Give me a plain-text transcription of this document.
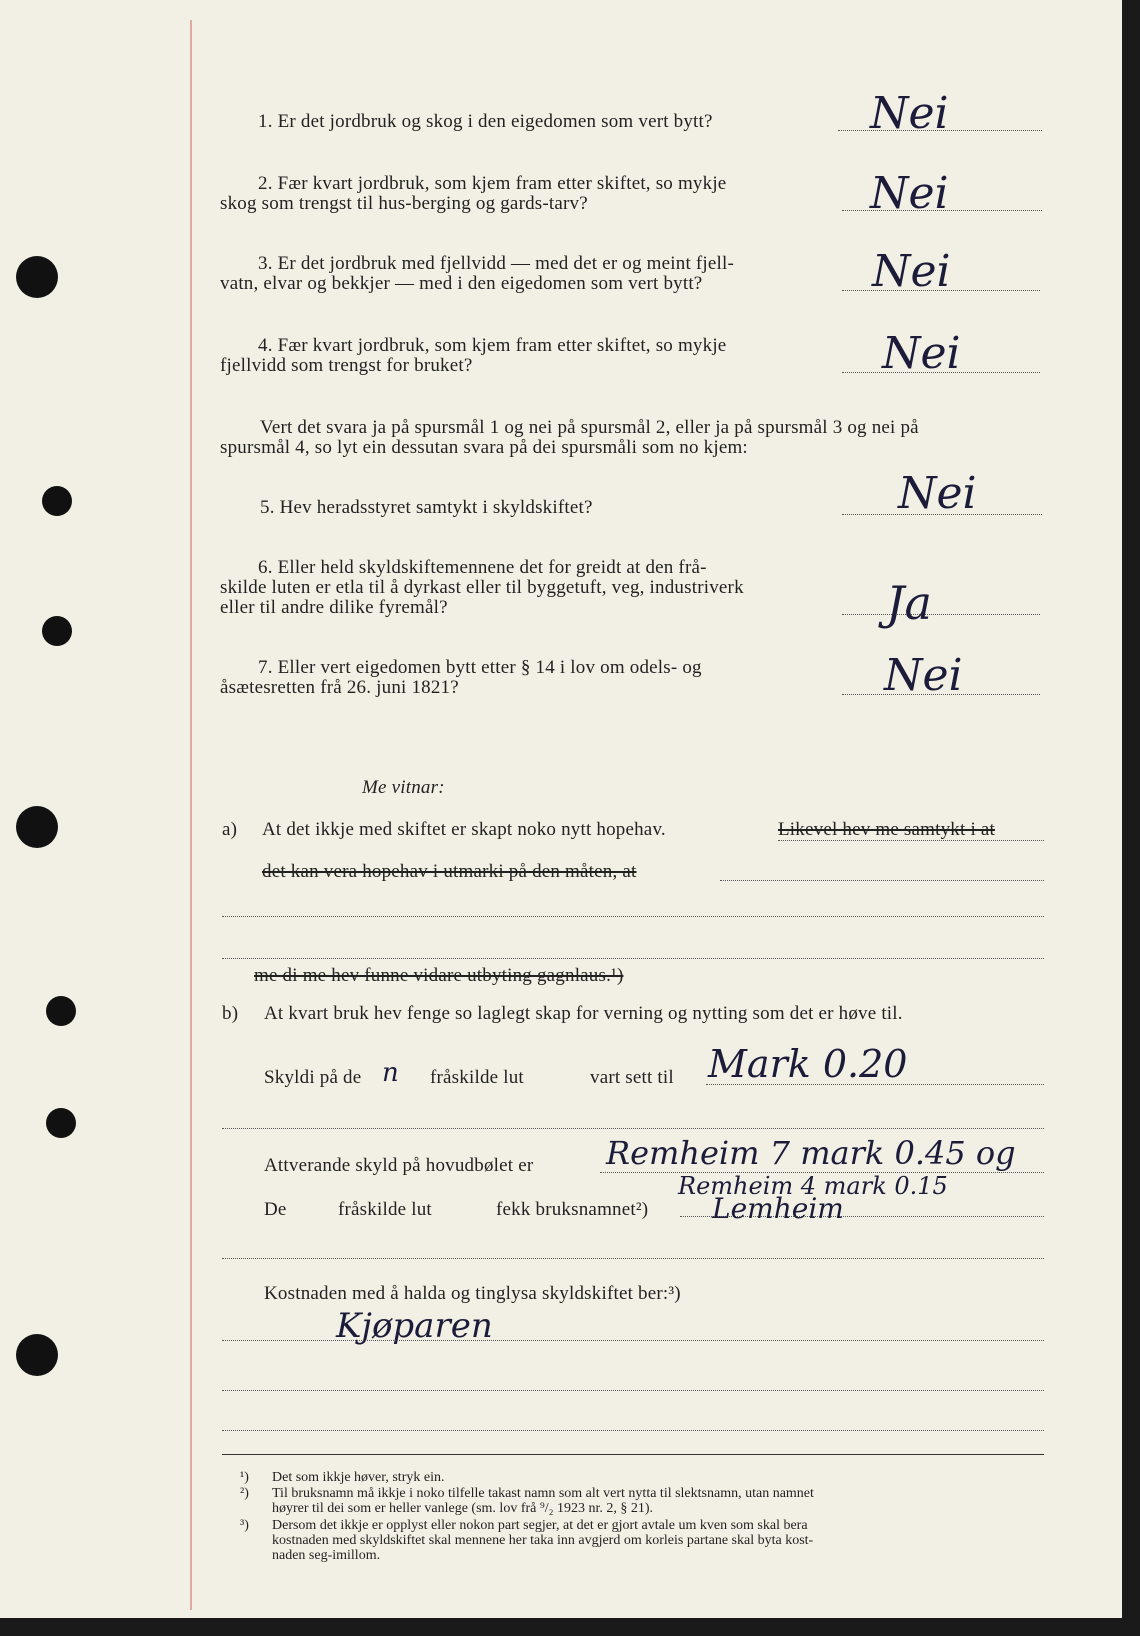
1. Er det jordbruk og skog i den eigedomen som vert bytt?	Nei
2. Fær kvart jordbruk, som kjem fram etter skiftet, so mykje
skog som trengst til hus-berging og gards-tarv?	Nei
3. Er det jordbruk med fjellvidd — med det er og meint fjell-
vatn, elvar og bekkjer — med i den eigedomen som vert bytt?	Nei
4. Fær kvart jordbruk, som kjem fram etter skiftet, so mykje
fjellvidd som trengst for bruket?	Nei
Vert det svara ja på spursmål 1 og nei på spursmål 2, eller ja på spursmål 3 og nei på
spursmål 4, so lyt ein dessutan svara på dei spursmåli som no kjem:
5. Hev heradsstyret samtykt i skyldskiftet?	Nei
6. Eller held skyldskiftemennene det for greidt at den frå-
skilde luten er etla til å dyrkast eller til byggetuft, veg, industriverk
eller til andre dilike fyremål?	Ja
7. Eller vert eigedomen bytt etter § 14 i lov om odels- og
åsætesretten frå 26. juni 1821?	Nei
Me vitnar:
a) At det ikkje med skiftet er skapt noko nytt hopehav.	Likevel hev me samtykt i at
det kan vera hopehav i utmarki på den måten, at
me di me hev funne vidare utbyting gagnlaus.¹)
b) At kvart bruk hev fenge so laglegt skap for verning og nytting som det er høve til.
Skyldi på de n fråskilde lut	vart sett til Mark 0.20
Attverande skyld på hovudbølet er Remheim 7 mark 0.45 og
Remheim 4 mark 0.15
De	fråskilde lut	fekk bruksnamnet²) Lemheim
Kostnaden med å halda og tinglysa skyldskiftet ber:³)
Kjøparen
¹) Det som ikkje høver, stryk ein.
²) Til bruksnamn må ikkje i noko tilfelle takast namn som alt vert nytta til slektsnamn, utan namnet
høyrer til dei som er heller vanlege (sm. lov frå ⁹/₂ 1923 nr. 2, § 21).
³) Dersom det ikkje er opplyst eller nokon part segjer, at det er gjort avtale um kven som skal bera
kostnaden med skyldskiftet skal mennene her taka inn avgjerd om korleis partane skal byta kost-
naden seg-imillom.
